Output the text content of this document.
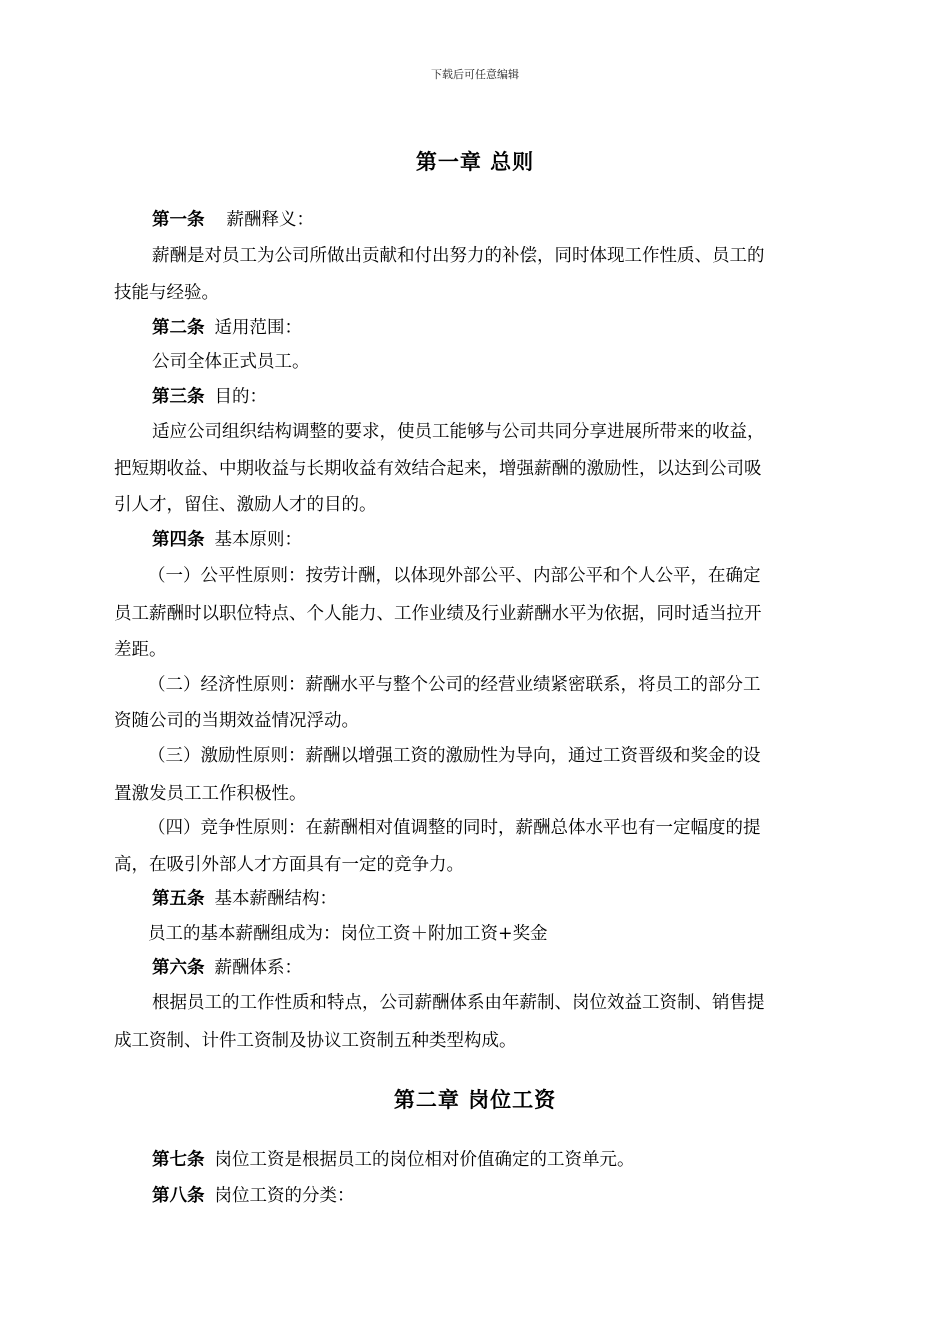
下载后可任意编辑
第一章 总则
第一条 薪酬释义：
薪酬是对员工为公司所做出贡献和付出努力的补偿，同时体现工作性质、员工的
技能与经验。
第二条 适用范围：
公司全体正式员工。
第三条 目的：
适应公司组织结构调整的要求，使员工能够与公司共同分享进展所带来的收益，
把短期收益、中期收益与长期收益有效结合起来，增强薪酬的激励性，以达到公司吸
引人才，留住、激励人才的目的。
第四条 基本原则：
（一）公平性原则：按劳计酬，以体现外部公平、内部公平和个人公平，在确定
员工薪酬时以职位特点、个人能力、工作业绩及行业薪酬水平为依据，同时适当拉开
差距。
（二）经济性原则：薪酬水平与整个公司的经营业绩紧密联系，将员工的部分工
资随公司的当期效益情况浮动。
（三）激励性原则：薪酬以增强工资的激励性为导向，通过工资晋级和奖金的设
置激发员工工作积极性。
（四）竞争性原则：在薪酬相对值调整的同时，薪酬总体水平也有一定幅度的提
高，在吸引外部人才方面具有一定的竞争力。
第五条 基本薪酬结构：
员工的基本薪酬组成为：岗位工资＋附加工资+奖金
第六条 薪酬体系：
根据员工的工作性质和特点，公司薪酬体系由年薪制、岗位效益工资制、销售提
成工资制、计件工资制及协议工资制五种类型构成。
第二章 岗位工资
第七条 岗位工资是根据员工的岗位相对价值确定的工资单元。
第八条 岗位工资的分类：
